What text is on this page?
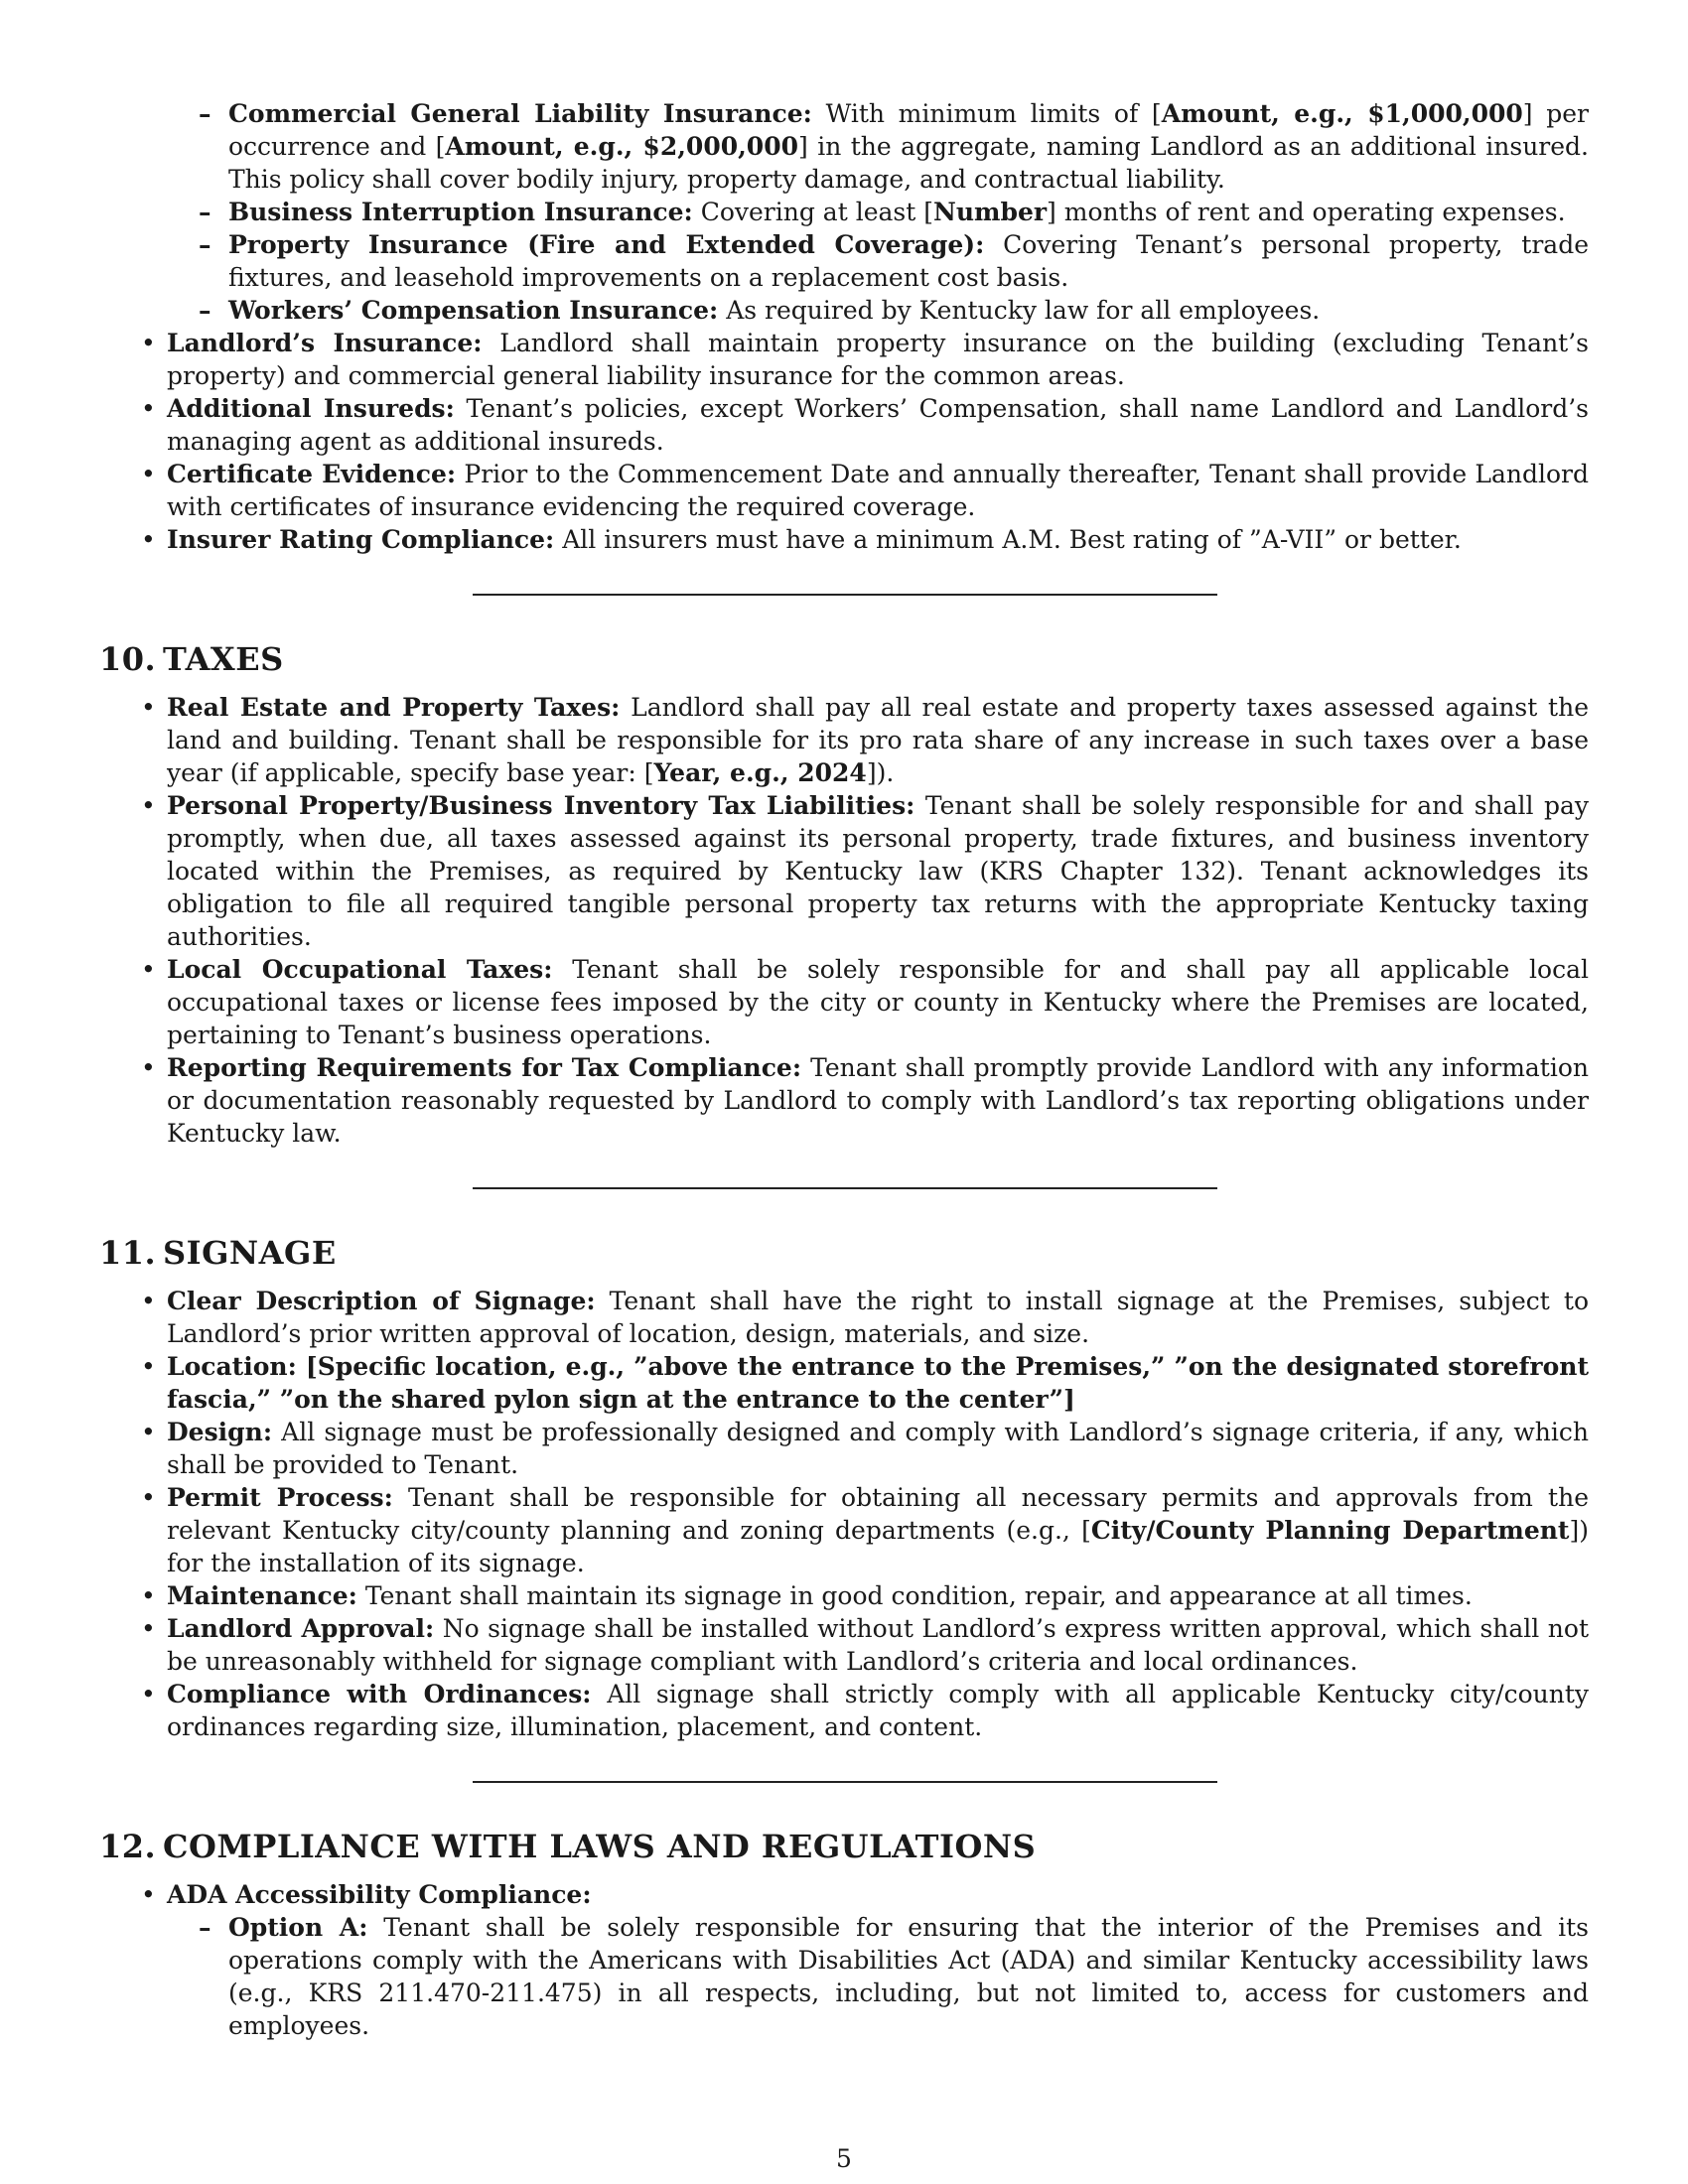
– Commercial General Liability Insurance: With minimum limits of [Amount, e.g., $1,000,000] per occurrence and [Amount, e.g., $2,000,000] in the aggregate, naming Landlord as an additional insured. This policy shall cover bodily injury, property damage, and contractual liability.
– Business Interruption Insurance: Covering at least [Number] months of rent and operating expenses.
– Property Insurance (Fire and Extended Coverage): Covering Tenant’s personal property, trade fixtures, and leasehold improvements on a replacement cost basis.
– Workers’ Compensation Insurance: As required by Kentucky law for all employees.
• Landlord’s Insurance: Landlord shall maintain property insurance on the building (excluding Tenant’s property) and commercial general liability insurance for the common areas.
• Additional Insureds: Tenant’s policies, except Workers’ Compensation, shall name Landlord and Landlord’s managing agent as additional insureds.
• Certificate Evidence: Prior to the Commencement Date and annually thereafter, Tenant shall provide Landlord with certificates of insurance evidencing the required coverage.
• Insurer Rating Compliance: All insurers must have a minimum A.M. Best rating of ”A-VII” or better.
10. TAXES
• Real Estate and Property Taxes: Landlord shall pay all real estate and property taxes assessed against the land and building. Tenant shall be responsible for its pro rata share of any increase in such taxes over a base year (if applicable, specify base year: [Year, e.g., 2024]).
• Personal Property/Business Inventory Tax Liabilities: Tenant shall be solely responsible for and shall pay promptly, when due, all taxes assessed against its personal property, trade fixtures, and business inventory located within the Premises, as required by Kentucky law (KRS Chapter 132). Tenant acknowledges its obligation to file all required tangible personal property tax returns with the appropriate Kentucky taxing authorities.
• Local Occupational Taxes: Tenant shall be solely responsible for and shall pay all applicable local occupational taxes or license fees imposed by the city or county in Kentucky where the Premises are located, pertaining to Tenant’s business operations.
• Reporting Requirements for Tax Compliance: Tenant shall promptly provide Landlord with any information or documentation reasonably requested by Landlord to comply with Landlord’s tax reporting obligations under Kentucky law.
11. SIGNAGE
• Clear Description of Signage: Tenant shall have the right to install signage at the Premises, subject to Landlord’s prior written approval of location, design, materials, and size.
• Location: [Specific location, e.g., ”above the entrance to the Premises,” ”on the designated storefront fascia,” ”on the shared pylon sign at the entrance to the center”]
• Design: All signage must be professionally designed and comply with Landlord’s signage criteria, if any, which shall be provided to Tenant.
• Permit Process: Tenant shall be responsible for obtaining all necessary permits and approvals from the relevant Kentucky city/county planning and zoning departments (e.g., [City/County Planning Department]) for the installation of its signage.
• Maintenance: Tenant shall maintain its signage in good condition, repair, and appearance at all times.
• Landlord Approval: No signage shall be installed without Landlord’s express written approval, which shall not be unreasonably withheld for signage compliant with Landlord’s criteria and local ordinances.
• Compliance with Ordinances: All signage shall strictly comply with all applicable Kentucky city/county ordinances regarding size, illumination, placement, and content.
12. COMPLIANCE WITH LAWS AND REGULATIONS
• ADA Accessibility Compliance:
– Option A: Tenant shall be solely responsible for ensuring that the interior of the Premises and its operations comply with the Americans with Disabilities Act (ADA) and similar Kentucky accessibility laws (e.g., KRS 211.470-211.475) in all respects, including, but not limited to, access for customers and employees.
5
